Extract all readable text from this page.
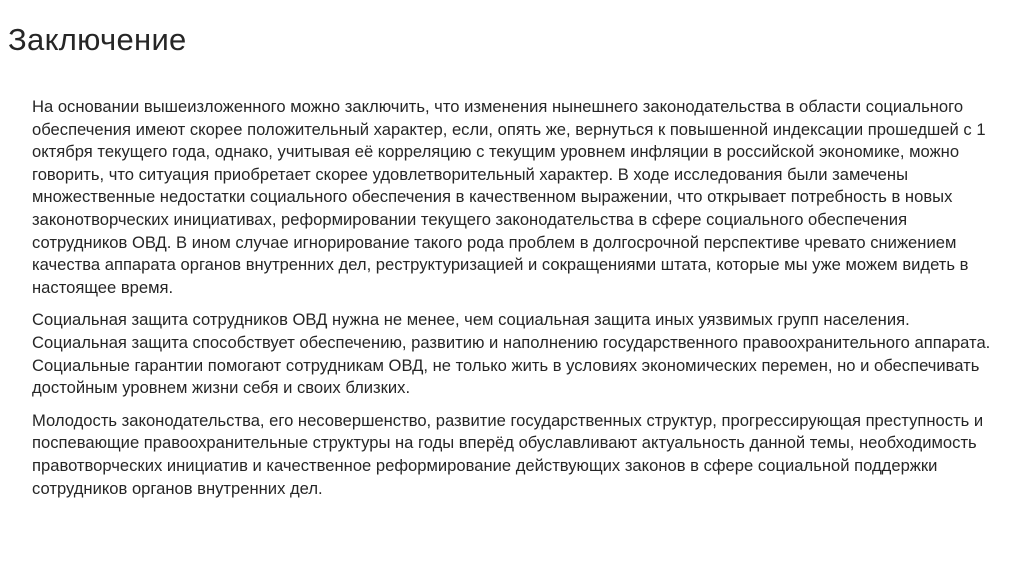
Заключение

На основании вышеизложенного можно заключить, что изменения нынешнего законодательства в области социального обеспечения имеют скорее положительный характер, если, опять же, вернуться к повышенной индексации прошедшей с 1 октября текущего года, однако, учитывая её корреляцию с текущим уровнем инфляции в российской экономике, можно говорить, что ситуация приобретает скорее удовлетворительный характер. В ходе исследования были замечены множественные недостатки социального обеспечения в качественном выражении, что открывает потребность в новых законотворческих инициативах, реформировании текущего законодательства в сфере социального обеспечения сотрудников ОВД. В ином случае игнорирование такого рода проблем в долгосрочной перспективе чревато снижением качества аппарата органов внутренних дел, реструктуризацией и сокращениями штата, которые мы уже можем видеть в настоящее время.

Социальная защита сотрудников ОВД нужна не менее, чем социальная защита иных уязвимых групп населения. Социальная защита способствует обеспечению, развитию и наполнению государственного правоохранительного аппарата. Социальные гарантии помогают сотрудникам ОВД, не только жить в условиях экономических перемен, но и обеспечивать достойным уровнем жизни себя и своих близких.

Молодость законодательства, его несовершенство, развитие государственных структур, прогрессирующая преступность и поспевающие правоохранительные структуры на годы вперёд обуславливают актуальность данной темы, необходимость правотворческих инициатив и качественное реформирование действующих законов в сфере социальной поддержки сотрудников органов внутренних дел.
